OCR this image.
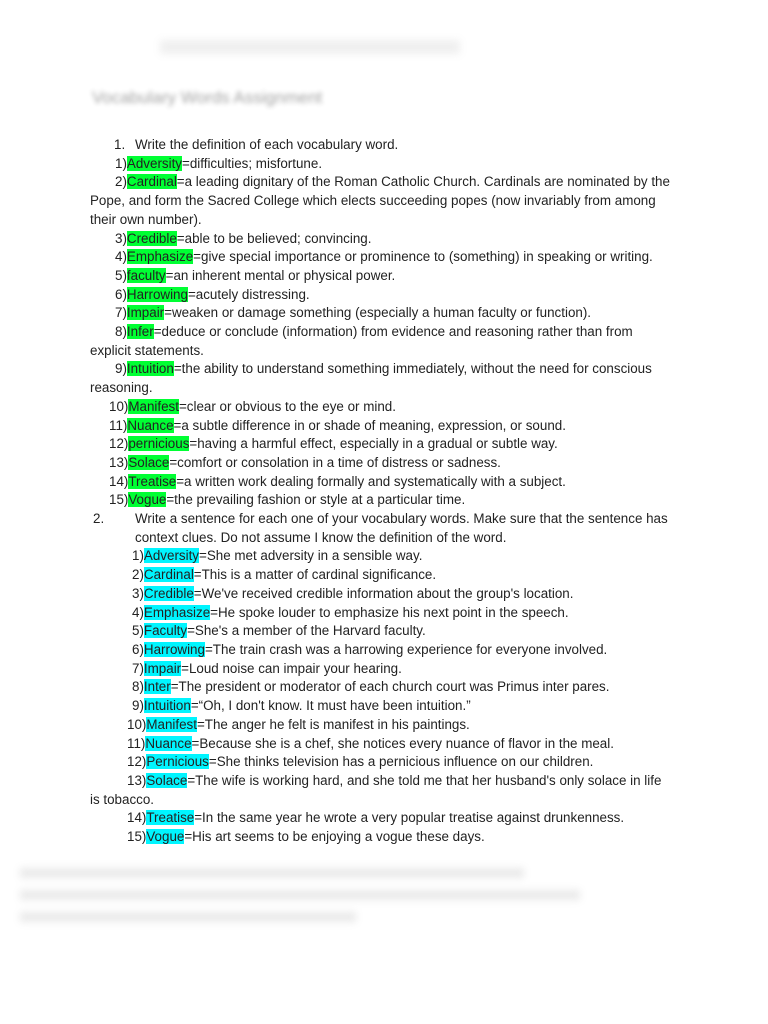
Vocabulary Words Assignment
1. Write the definition of each vocabulary word.
1)Adversity=difficulties; misfortune.
2)Cardinal=a leading dignitary of the Roman Catholic Church. Cardinals are nominated by the Pope, and form the Sacred College which elects succeeding popes (now invariably from among their own number).
3)Credible=able to be believed; convincing.
4)Emphasize=give special importance or prominence to (something) in speaking or writing.
5)faculty=an inherent mental or physical power.
6)Harrowing=acutely distressing.
7)Impair=weaken or damage something (especially a human faculty or function).
8)Infer=deduce or conclude (information) from evidence and reasoning rather than from explicit statements.
9)Intuition=the ability to understand something immediately, without the need for conscious reasoning.
10)Manifest=clear or obvious to the eye or mind.
11)Nuance=a subtle difference in or shade of meaning, expression, or sound.
12)pernicious=having a harmful effect, especially in a gradual or subtle way.
13)Solace=comfort or consolation in a time of distress or sadness.
14)Treatise=a written work dealing formally and systematically with a subject.
15)Vogue=the prevailing fashion or style at a particular time.
2. Write a sentence for each one of your vocabulary words. Make sure that the sentence has context clues. Do not assume I know the definition of the word.
1)Adversity=She met adversity in a sensible way.
2)Cardinal=This is a matter of cardinal significance.
3)Credible=We've received credible information about the group's location.
4)Emphasize=He spoke louder to emphasize his next point in the speech.
5)Faculty=She's a member of the Harvard faculty.
6)Harrowing=The train crash was a harrowing experience for everyone involved.
7)Impair=Loud noise can impair your hearing.
8)Inter=The president or moderator of each church court was Primus inter pares.
9)Intuition=“Oh, I don't know. It must have been intuition.”
10)Manifest=The anger he felt is manifest in his paintings.
11)Nuance=Because she is a chef, she notices every nuance of flavor in the meal.
12)Pernicious=She thinks television has a pernicious influence on our children.
13)Solace=The wife is working hard, and she told me that her husband's only solace in life is tobacco.
14)Treatise=In the same year he wrote a very popular treatise against drunkenness.
15)Vogue=His art seems to be enjoying a vogue these days.
